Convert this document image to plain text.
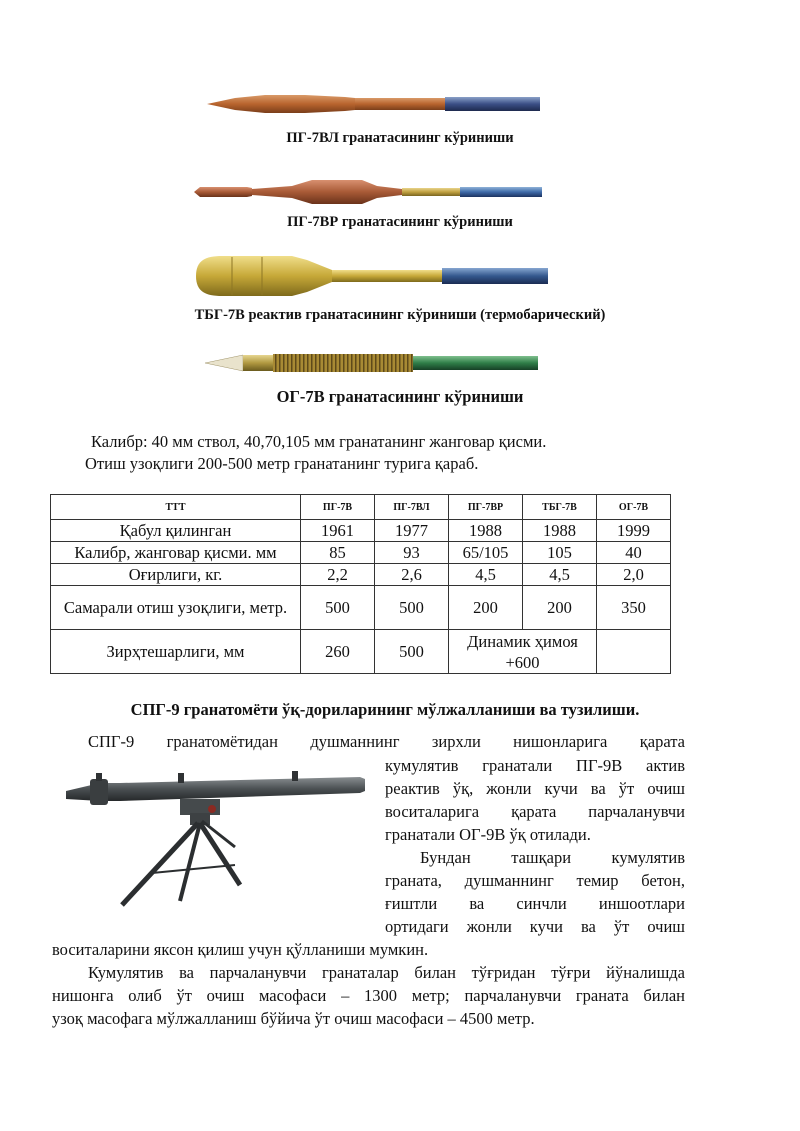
ПГ-7ВЛ гранатасининг кўриниши
ПГ-7ВР гранатасининг кўриниши
ТБГ-7В реактив гранатасининг кўриниши (термобарический)
ОГ-7В гранатасининг кўриниши
Калибр: 40 мм ствол, 40,70,105 мм гранатанинг жанговар қисми.
Отиш узоқлиги 200-500 метр гранатанинг турига қараб.
ТТТ	ПГ-7В	ПГ-7ВЛ	ПГ-7ВР	ТБГ-7В	ОГ-7В
Қабул қилинган	1961	1977	1988	1988	1999
Калибр, жанговар қисми. мм	85	93	65/105	105	40
Оғирлиги, кг.	2,2	2,6	4,5	4,5	2,0
Самарали отиш узоқлиги, метр.	500	500	200	200	350
Зирҳтешарлиги, мм	260	500	Динамик ҳимоя +600		
СПГ-9 гранатомёти ўқ-дориларининг мўлжалланиши ва тузилиши.
СПГ-9 гранатомётидан душманнинг зирхли нишонларига қарата
кумулятив гранатали ПГ-9В актив
реактив ўқ, жонли кучи ва ўт очиш
воситаларига қарата парчаланувчи
гранатали ОГ-9В ўқ отилади.
Бундан ташқари кумулятив
граната, душманнинг темир бетон,
ғиштли ва синчли иншоотлари
ортидаги жонли кучи ва ўт очиш
воситаларини яксон қилиш учун қўлланиши мумкин.
Кумулятив ва парчаланувчи гранаталар билан тўғридан тўғри йўналишда
нишонга олиб ўт очиш масофаси – 1300 метр; парчаланувчи граната билан
узоқ масофага мўлжалланиш бўйича ўт очиш масофаси – 4500 метр.
